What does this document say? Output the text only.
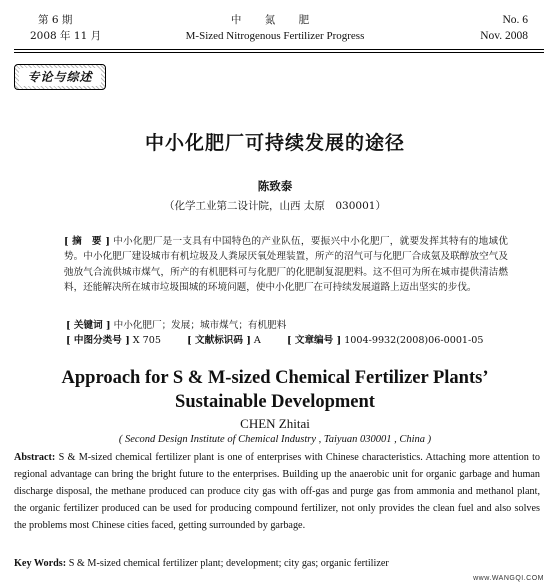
第 6 期
2008 年 11 月
中 氮 肥
M-Sized Nitrogenous Fertilizer Progress
No. 6
Nov. 2008
专论与综述
中小化肥厂可持续发展的途径
陈致泰
（化学工业第二设计院，山西 太原　030001）
[ 摘　要 ] 中小化肥厂是一支具有中国特色的产业队伍，要振兴中小化肥厂，就要发挥其特有的地域优势。中小化肥厂建设城市有机垃圾及人粪尿厌氧处理装置，所产的沼气可与化肥厂合成氨及联醇放空气及弛放气合流供城市煤气，所产的有机肥料可与化肥厂的化肥制复混肥料。这不但可为所在城市提供清洁燃料，还能解决所在城市垃圾围城的环境问题，使中小化肥厂在可持续发展道路上迈出坚实的步伐。
[ 关键词 ] 中小化肥厂；发展；城市煤气；有机肥料
[ 中图分类号 ] X 705	[ 文献标识码 ] A	[ 文章编号 ] 1004-9932(2008)06-0001-05
Approach for S & M-sized Chemical Fertilizer Plants’
Sustainable Development
CHEN Zhitai
( Second Design Institute of Chemical Industry , Taiyuan 030001 , China )
Abstract: S & M-sized chemical fertilizer plant is one of enterprises with Chinese characteristics. Attaching more attention to regional advantage can bring the bright future to the enterprises. Building up the anaerobic unit for organic garbage and human discharge disposal, the methane produced can produce city gas with off-gas and purge gas from ammonia and methanol plant, the organic fertilizer produced can be used for producing compound fertilizer, not only provides the clean fuel and also solves the problems most Chinese cities faced, getting surrounded by garbage.
Key Words: S & M-sized chemical fertilizer plant; development; city gas; organic fertilizer
www.WANGQI.COM
